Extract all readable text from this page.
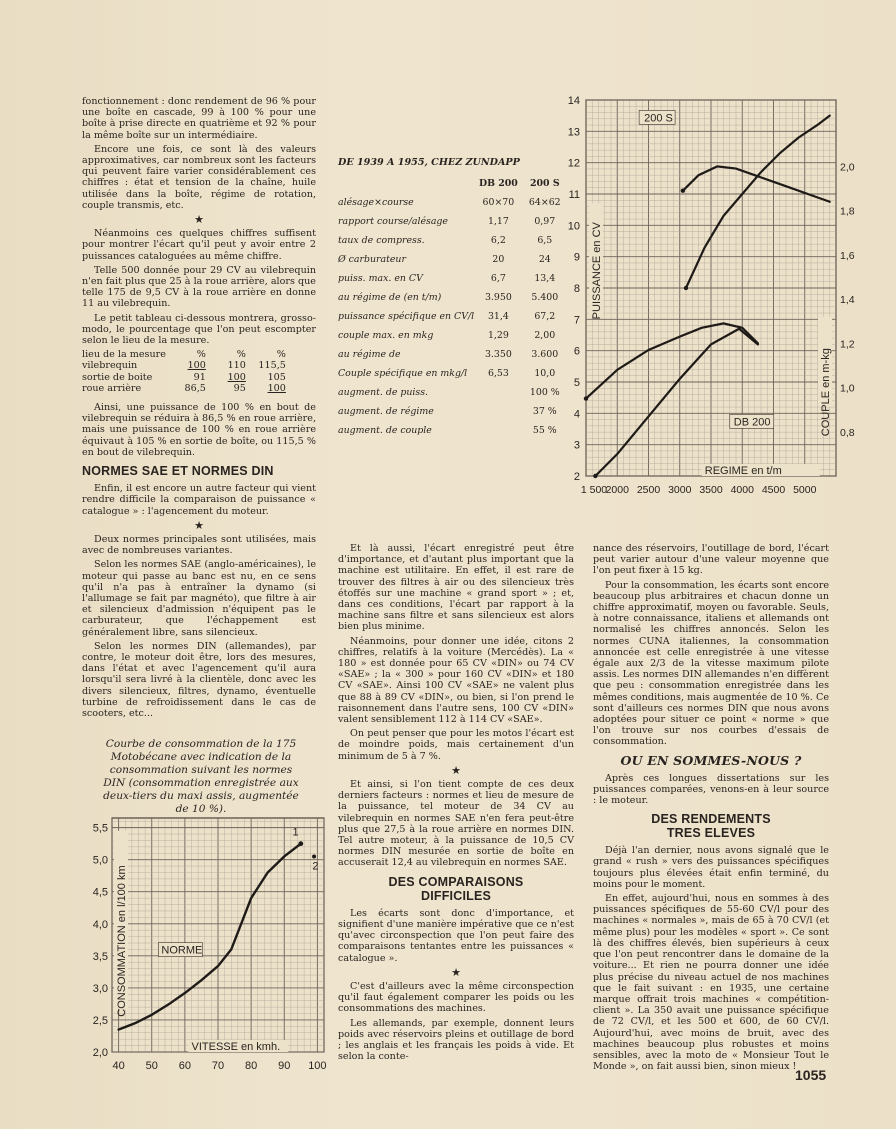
fonctionnement : donc rendement de 96 % pour une boîte en cascade, 99 à 100 % pour une boîte à prise directe en quatrième et 92 % pour la même boîte sur un intermédiaire.

Encore une fois, ce sont là des valeurs approximatives, car nombreux sont les facteurs qui peuvent faire varier considérablement ces chiffres : état et tension de la chaîne, huile utilisée dans la boîte, régime de rotation, couple transmis, etc.

★

Néanmoins ces quelques chiffres suffisent pour montrer l'écart qu'il peut y avoir entre 2 puissances cataloguées au même chiffre.

Telle 500 donnée pour 29 CV au vilebrequin n'en fait plus que 25 à la roue arrière, alors que telle 175 de 9,5 CV à la roue arrière en donne 11 au vilebrequin.

Le petit tableau ci-dessous montrera, grosso-modo, le pourcentage que l'on peut escompter selon le lieu de la mesure.

lieu de la mesure	%	%	%
vilebrequin	100	110	115,5
sortie de boite	91	100	105
roue arrière	86,5	95	100

Ainsi, une puissance de 100 % en bout de vilebrequin se réduira à 86,5 % en roue arrière, mais une puissance de 100 % en roue arrière équivaut à 105 % en sortie de boîte, ou 115,5 % en bout de vilebrequin.

NORMES SAE ET NORMES DIN

Enfin, il est encore un autre facteur qui vient rendre difficile la comparaison de puissance « catalogue » : l'agencement du moteur.

★

Deux normes principales sont utilisées, mais avec de nombreuses variantes.

Selon les normes SAE (anglo-américaines), le moteur qui passe au banc est nu, en ce sens qu'il n'a pas à entraîner la dynamo (si l'allumage se fait par magnéto), que filtre à air et silencieux d'admission n'équipent pas le carburateur, que l'échappement est généralement libre, sans silencieux.

Selon les normes DIN (allemandes), par contre, le moteur doit être, lors des mesures, dans l'état et avec l'agencement qu'il aura lorsqu'il sera livré à la clientèle, donc avec les divers silencieux, filtres, dynamo, éventuelle turbine de refroidissement dans le cas de scooters, etc...

DE 1939 A 1955, CHEZ ZUNDAPP
	DB 200	200 S
alésage×course	60×70	64×62
rapport course/alésage	1,17	0,97
taux de compress.	6,2	6,5
Ø carburateur	20	24
puiss. max. en CV	6,7	13,4
au régime de (en t/m)	3.950	5.400
puissance spécifique en CV/l	31,4	67,2
couple max. en mkg	1,29	2,00
au régime de	3.350	3.600
Couple spécifique en mkg/l	6,53	10,0
augment. de puiss.		100 %
augment. de régime		37 %
augment. de couple		55 %
2
3
4
5
6
7
8
9
10
11
12
13
14
0,8
1,0
1,2
1,4
1,6
1,8
2,0
1 500
2000 2500 3000 3500 4000 4500 5000
REGIME en t/m
PUISSANCE en CV
COUPLE en m-kg
200 S
DB 200

Et là aussi, l'écart enregistré peut être d'importance, et d'autant plus important que la machine est utilitaire. En effet, il est rare de trouver des filtres à air ou des silencieux très étoffés sur une machine « grand sport » ; et, dans ces conditions, l'écart par rapport à la machine sans filtre et sans silencieux est alors bien plus minime.

Néanmoins, pour donner une idée, citons 2 chiffres, relatifs à la voiture (Mercédès). La « 180 » est donnée pour 65 CV «DIN» ou 74 CV «SAE» ; la « 300 » pour 160 CV «DIN» et 180 CV «SAE». Ainsi 100 CV «SAE» ne valent plus que 88 à 89 CV «DIN», ou bien, si l'on prend le raisonnement dans l'autre sens, 100 CV «DIN» valent sensiblement 112 à 114 CV «SAE».

On peut penser que pour les motos l'écart est de moindre poids, mais certainement d'un minimum de 5 à 7 %.

★

Et ainsi, si l'on tient compte de ces deux derniers facteurs : normes et lieu de mesure de la puissance, tel moteur de 34 CV au vilebrequin en normes SAE n'en fera peut-être plus que 27,5 à la roue arrière en normes DIN. Tel autre moteur, à la puissance de 10,5 CV normes DIN mesurée en sortie de boîte en accuserait 12,4 au vilebrequin en normes SAE.

DES COMPARAISONS DIFFICILES

Les écarts sont donc d'importance, et signifient d'une manière impérative que ce n'est qu'avec circonspection que l'on peut faire des comparaisons tentantes entre les puissances « catalogue ».

★

C'est d'ailleurs avec la même circonspection qu'il faut également comparer les poids ou les consommations des machines.

Les allemands, par exemple, donnent leurs poids avec réservoirs pleins et outillage de bord ; les anglais et les français les poids à vide. Et selon la conte-

nance des réservoirs, l'outillage de bord, l'écart peut varier autour d'une valeur moyenne que l'on peut fixer à 15 kg.

Pour la consommation, les écarts sont encore beaucoup plus arbitraires et chacun donne un chiffre approximatif, moyen ou favorable. Seuls, à notre connaissance, italiens et allemands ont normalisé les chiffres annoncés. Selon les normes CUNA italiennes, la consommation annoncée est celle enregistrée à une vitesse égale aux 2/3 de la vitesse maximum pilote assis. Les normes DIN allemandes n'en diffèrent que peu : consommation enregistrée dans les mêmes conditions, mais augmentée de 10 %. Ce sont d'ailleurs ces normes DIN que nous avons adoptées pour situer ce point « norme » que l'on trouve sur nos courbes d'essais de consommation.

OU EN SOMMES-NOUS ?

Après ces longues dissertations sur les puissances comparées, venons-en à leur source : le moteur.

DES RENDEMENTS TRES ELEVES

Déjà l'an dernier, nous avons signalé que le grand « rush » vers des puissances spécifiques toujours plus élevées était enfin terminé, du moins pour le moment.

En effet, aujourd'hui, nous en sommes à des puissances spécifiques de 55-60 CV/l pour des machines « normales », mais de 65 à 70 CV/l (et même plus) pour les modèles « sport ». Ce sont là des chiffres élevés, bien supérieurs à ceux que l'on peut rencontrer dans le domaine de la voiture... Et rien ne pourra donner une idée plus précise du niveau actuel de nos machines que le fait suivant : en 1935, une certaine marque offrait trois machines « compétition-client ». La 350 avait une puissance spécifique de 72 CV/l, et les 500 et 600, de 60 CV/l. Aujourd'hui, avec moins de bruit, avec des machines beaucoup plus robustes et moins sensibles, avec la moto de « Monsieur Tout le Monde », on fait aussi bien, sinon mieux !

Courbe de consommation de la 175 Motobécane avec indication de la consommation suivant les normes DIN (consommation enregistrée aux deux-tiers du maxi assis, augmentée de 10 %).
2,0
2,5
3,0
3,5
4,0
4,5
5,0
5,5
40 50 60 70 80 90 100
VITESSE en kmh.
CONSOMMATION en l/100 km	NORME
1
2
1055
